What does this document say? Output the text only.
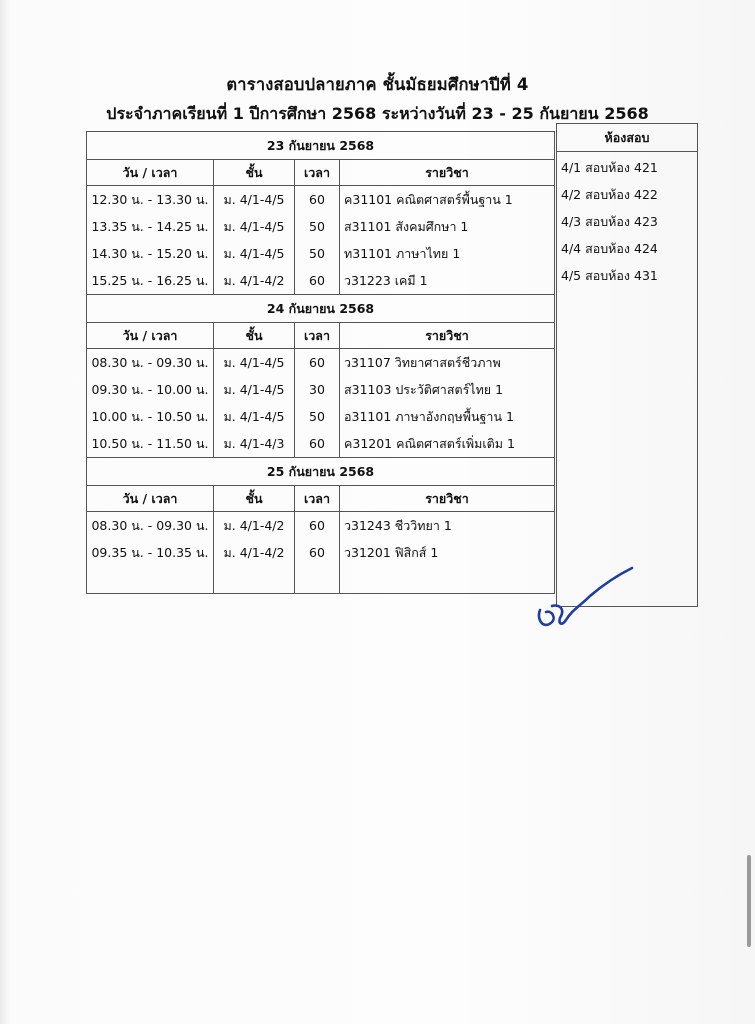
ตารางสอบปลายภาค ชั้นมัธยมศึกษาปีที่ 4
ประจำภาคเรียนที่ 1 ปีการศึกษา 2568 ระหว่างวันที่ 23 - 25 กันยายน 2568
23 กันยายน 2568			
วัน / เวลา	ชั้น	เวลา	รายวิชา
12.30 น. - 13.30 น.	ม. 4/1-4/5	60	ค31101 คณิตศาสตร์พื้นฐาน 1
13.35 น. - 14.25 น.	ม. 4/1-4/5	50	ส31101 สังคมศึกษา 1
14.30 น. - 15.20 น.	ม. 4/1-4/5	50	ท31101 ภาษาไทย 1
15.25 น. - 16.25 น.	ม. 4/1-4/2	60	ว31223 เคมี 1
24 กันยายน 2568			
วัน / เวลา	ชั้น	เวลา	รายวิชา
08.30 น. - 09.30 น.	ม. 4/1-4/5	60	ว31107 วิทยาศาสตร์ชีวภาพ
09.30 น. - 10.00 น.	ม. 4/1-4/5	30	ส31103 ประวัติศาสตร์ไทย 1
10.00 น. - 10.50 น.	ม. 4/1-4/5	50	อ31101 ภาษาอังกฤษพื้นฐาน 1
10.50 น. - 11.50 น.	ม. 4/1-4/3	60	ค31201 คณิตศาสตร์เพิ่มเติม 1
25 กันยายน 2568			
วัน / เวลา	ชั้น	เวลา	รายวิชา
08.30 น. - 09.30 น.	ม. 4/1-4/2	60	ว31243 ชีววิทยา 1
09.35 น. - 10.35 น.	ม. 4/1-4/2	60	ว31201 ฟิสิกส์ 1

ห้องสอบ
4/1 สอบห้อง 421
4/2 สอบห้อง 422
4/3 สอบห้อง 423
4/4 สอบห้อง 424
4/5 สอบห้อง 431
